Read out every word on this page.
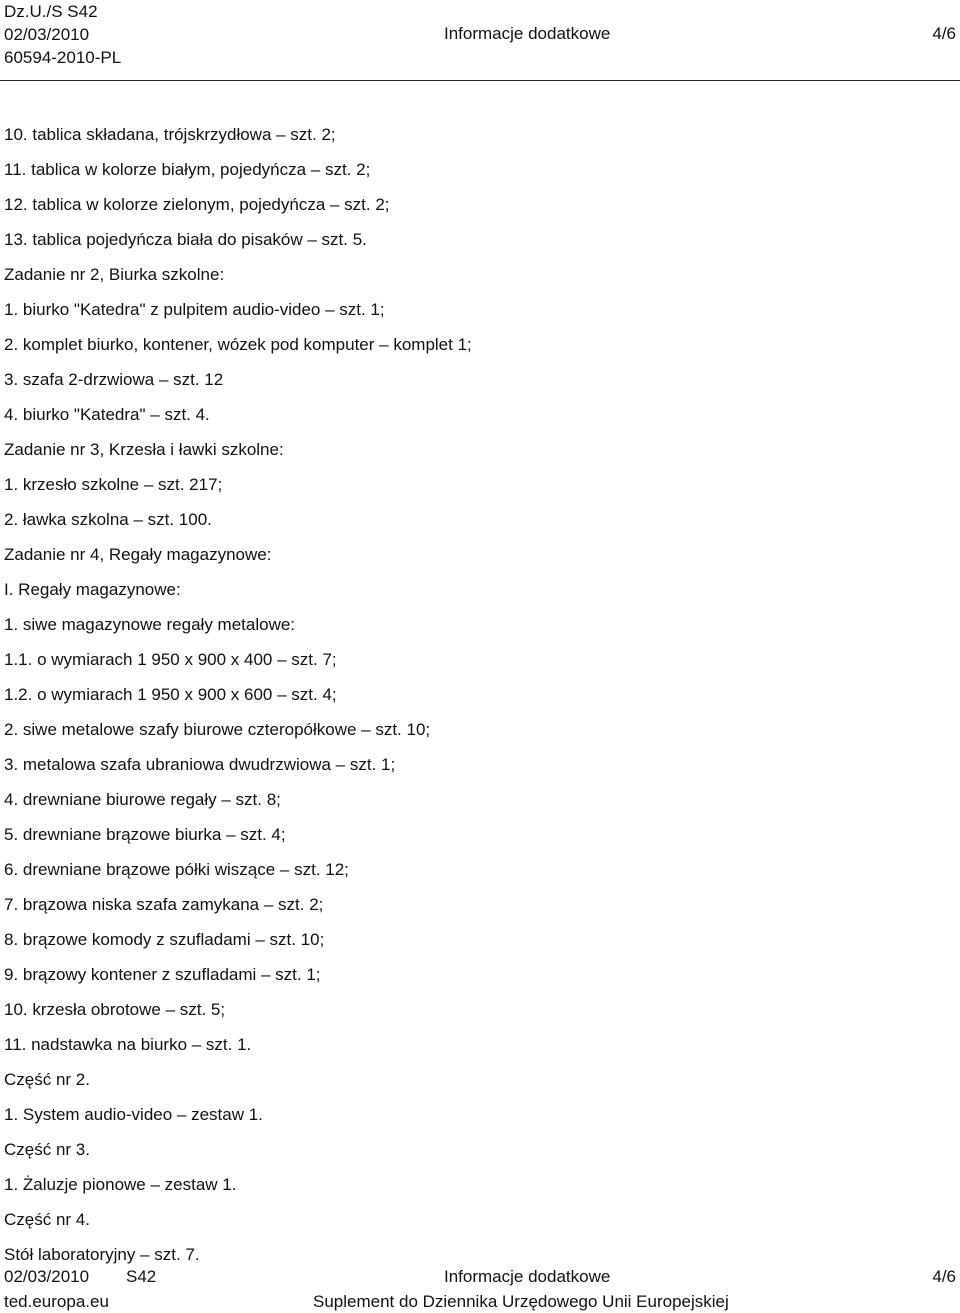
Dz.U./S S42
02/03/2010
60594-2010-PL
Informacje dodatkowe	4/6
10. tablica składana, trójskrzydłowa – szt. 2;
11. tablica w kolorze białym, pojedyńcza – szt. 2;
12. tablica w kolorze zielonym, pojedyńcza – szt. 2;
13. tablica pojedyńcza biała do pisaków – szt. 5.
Zadanie nr 2, Biurka szkolne:
1. biurko "Katedra" z pulpitem audio-video – szt. 1;
2. komplet biurko, kontener, wózek pod komputer – komplet 1;
3. szafa 2-drzwiowa – szt. 12
4. biurko "Katedra" – szt. 4.
Zadanie nr 3, Krzesła i ławki szkolne:
1. krzesło szkolne – szt. 217;
2. ławka szkolna – szt. 100.
Zadanie nr 4, Regały magazynowe:
I. Regały magazynowe:
1. siwe magazynowe regały metalowe:
1.1. o wymiarach 1 950 x 900 x 400 – szt. 7;
1.2. o wymiarach 1 950 x 900 x 600 – szt. 4;
2. siwe metalowe szafy biurowe czteropółkowe – szt. 10;
3. metalowa szafa ubraniowa dwudrzwiowa – szt. 1;
4. drewniane biurowe regały – szt. 8;
5. drewniane brązowe biurka – szt. 4;
6. drewniane brązowe półki wiszące – szt. 12;
7. brązowa niska szafa zamykana – szt. 2;
8. brązowe komody z szufladami – szt. 10;
9. brązowy kontener z szufladami – szt. 1;
10. krzesła obrotowe – szt. 5;
11. nadstawka na biurko – szt. 1.
Część nr 2.
1. System audio-video – zestaw 1.
Część nr 3.
1. Żaluzje pionowe – zestaw 1.
Część nr 4.
Stół laboratoryjny – szt. 7.
02/03/2010 S42	Informacje dodatkowe	4/6
ted.europa.eu	Suplement do Dziennika Urzędowego Unii Europejskiej
